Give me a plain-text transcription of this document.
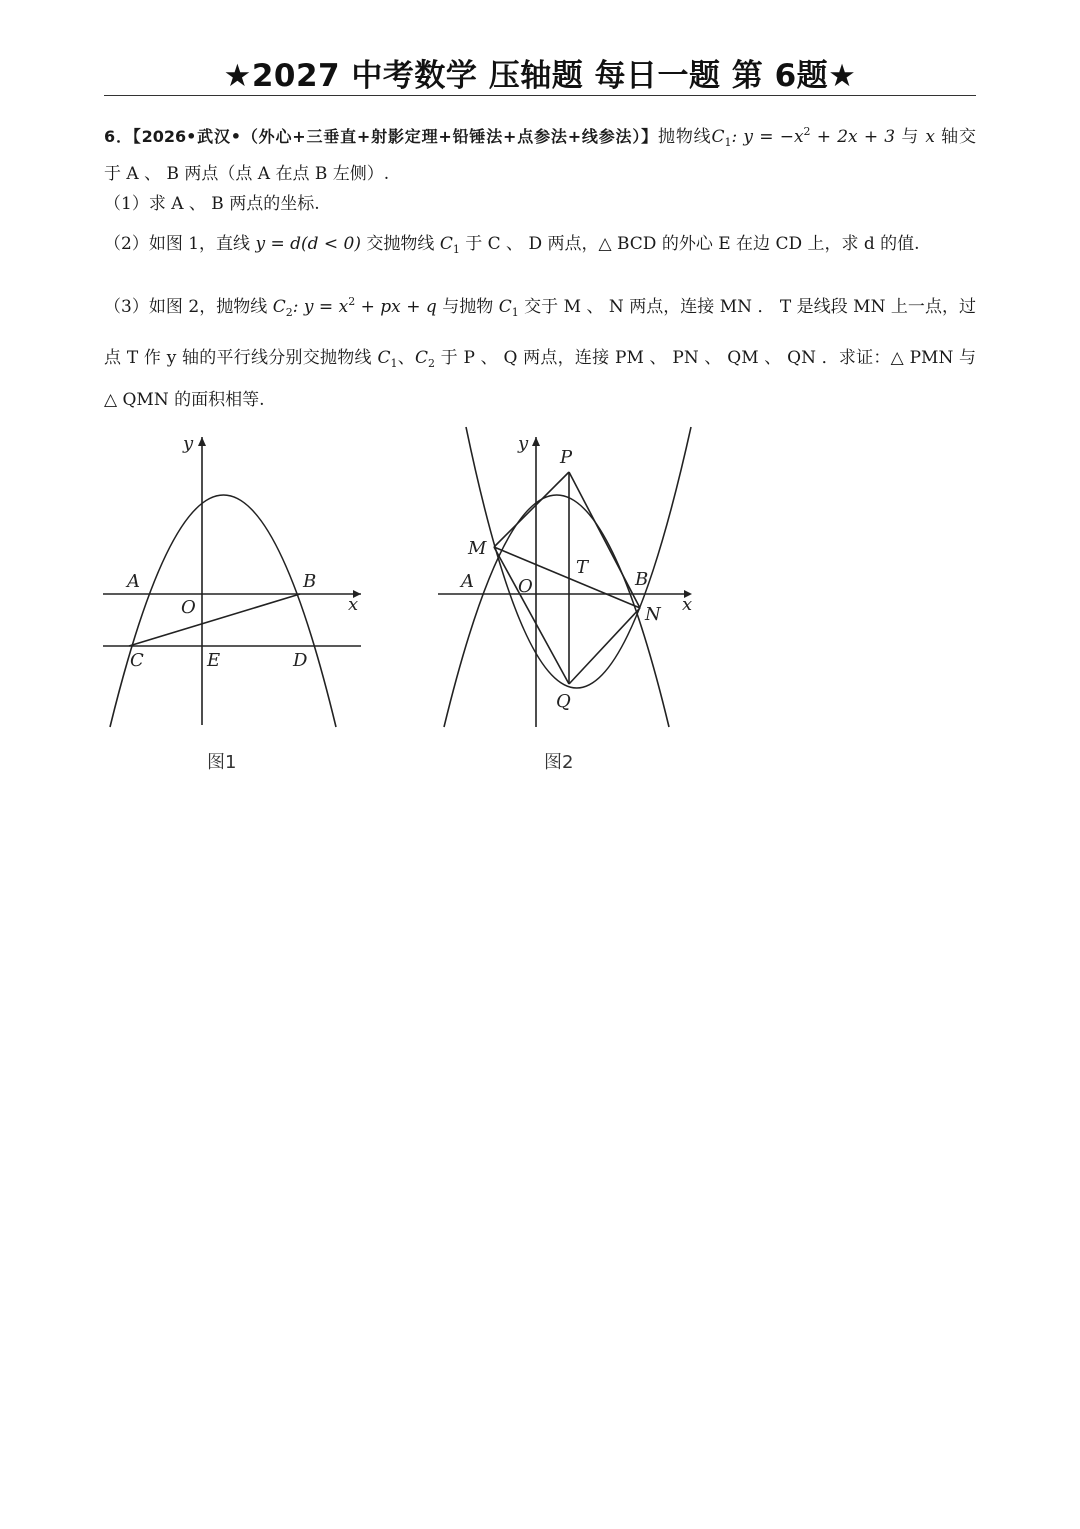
★2027 中考数学 压轴题 每日一题 第 6题★
6．【2026•武汉•（外心+三垂直+射影定理+铅锤法+点参法+线参法）】抛物线$C_1$: $y = -x^2 + 2x + 3$ 与 x 轴交
于 A 、 B 两点（点 A 在点 B 左侧）.
（1）求 A 、 B 两点的坐标.
（2）如图 1，直线 y = d(d < 0) 交抛物线 $C_1$ 于 C 、 D 两点，△ BCD 的外心 E 在边 CD 上，求 d 的值.
（3）如图 2，抛物线 $C_2$: $y = x^2$ + px + q 与抛物 $C_1$ 交于 M 、 N 两点，连接 MN ． T 是线段 MN 上一点，过
点 T 作 y 轴的平行线分别交抛物线 $C_1$、$C_2$ 于 P 、 Q 两点，连接 PM 、 PN 、 QM 、 QN ．求证：△ PMN 与
△ QMN 的面积相等.
y
x
A	B
O
C	E	D
图1
y
x
P
M
T
A O	B
N
Q
图2
